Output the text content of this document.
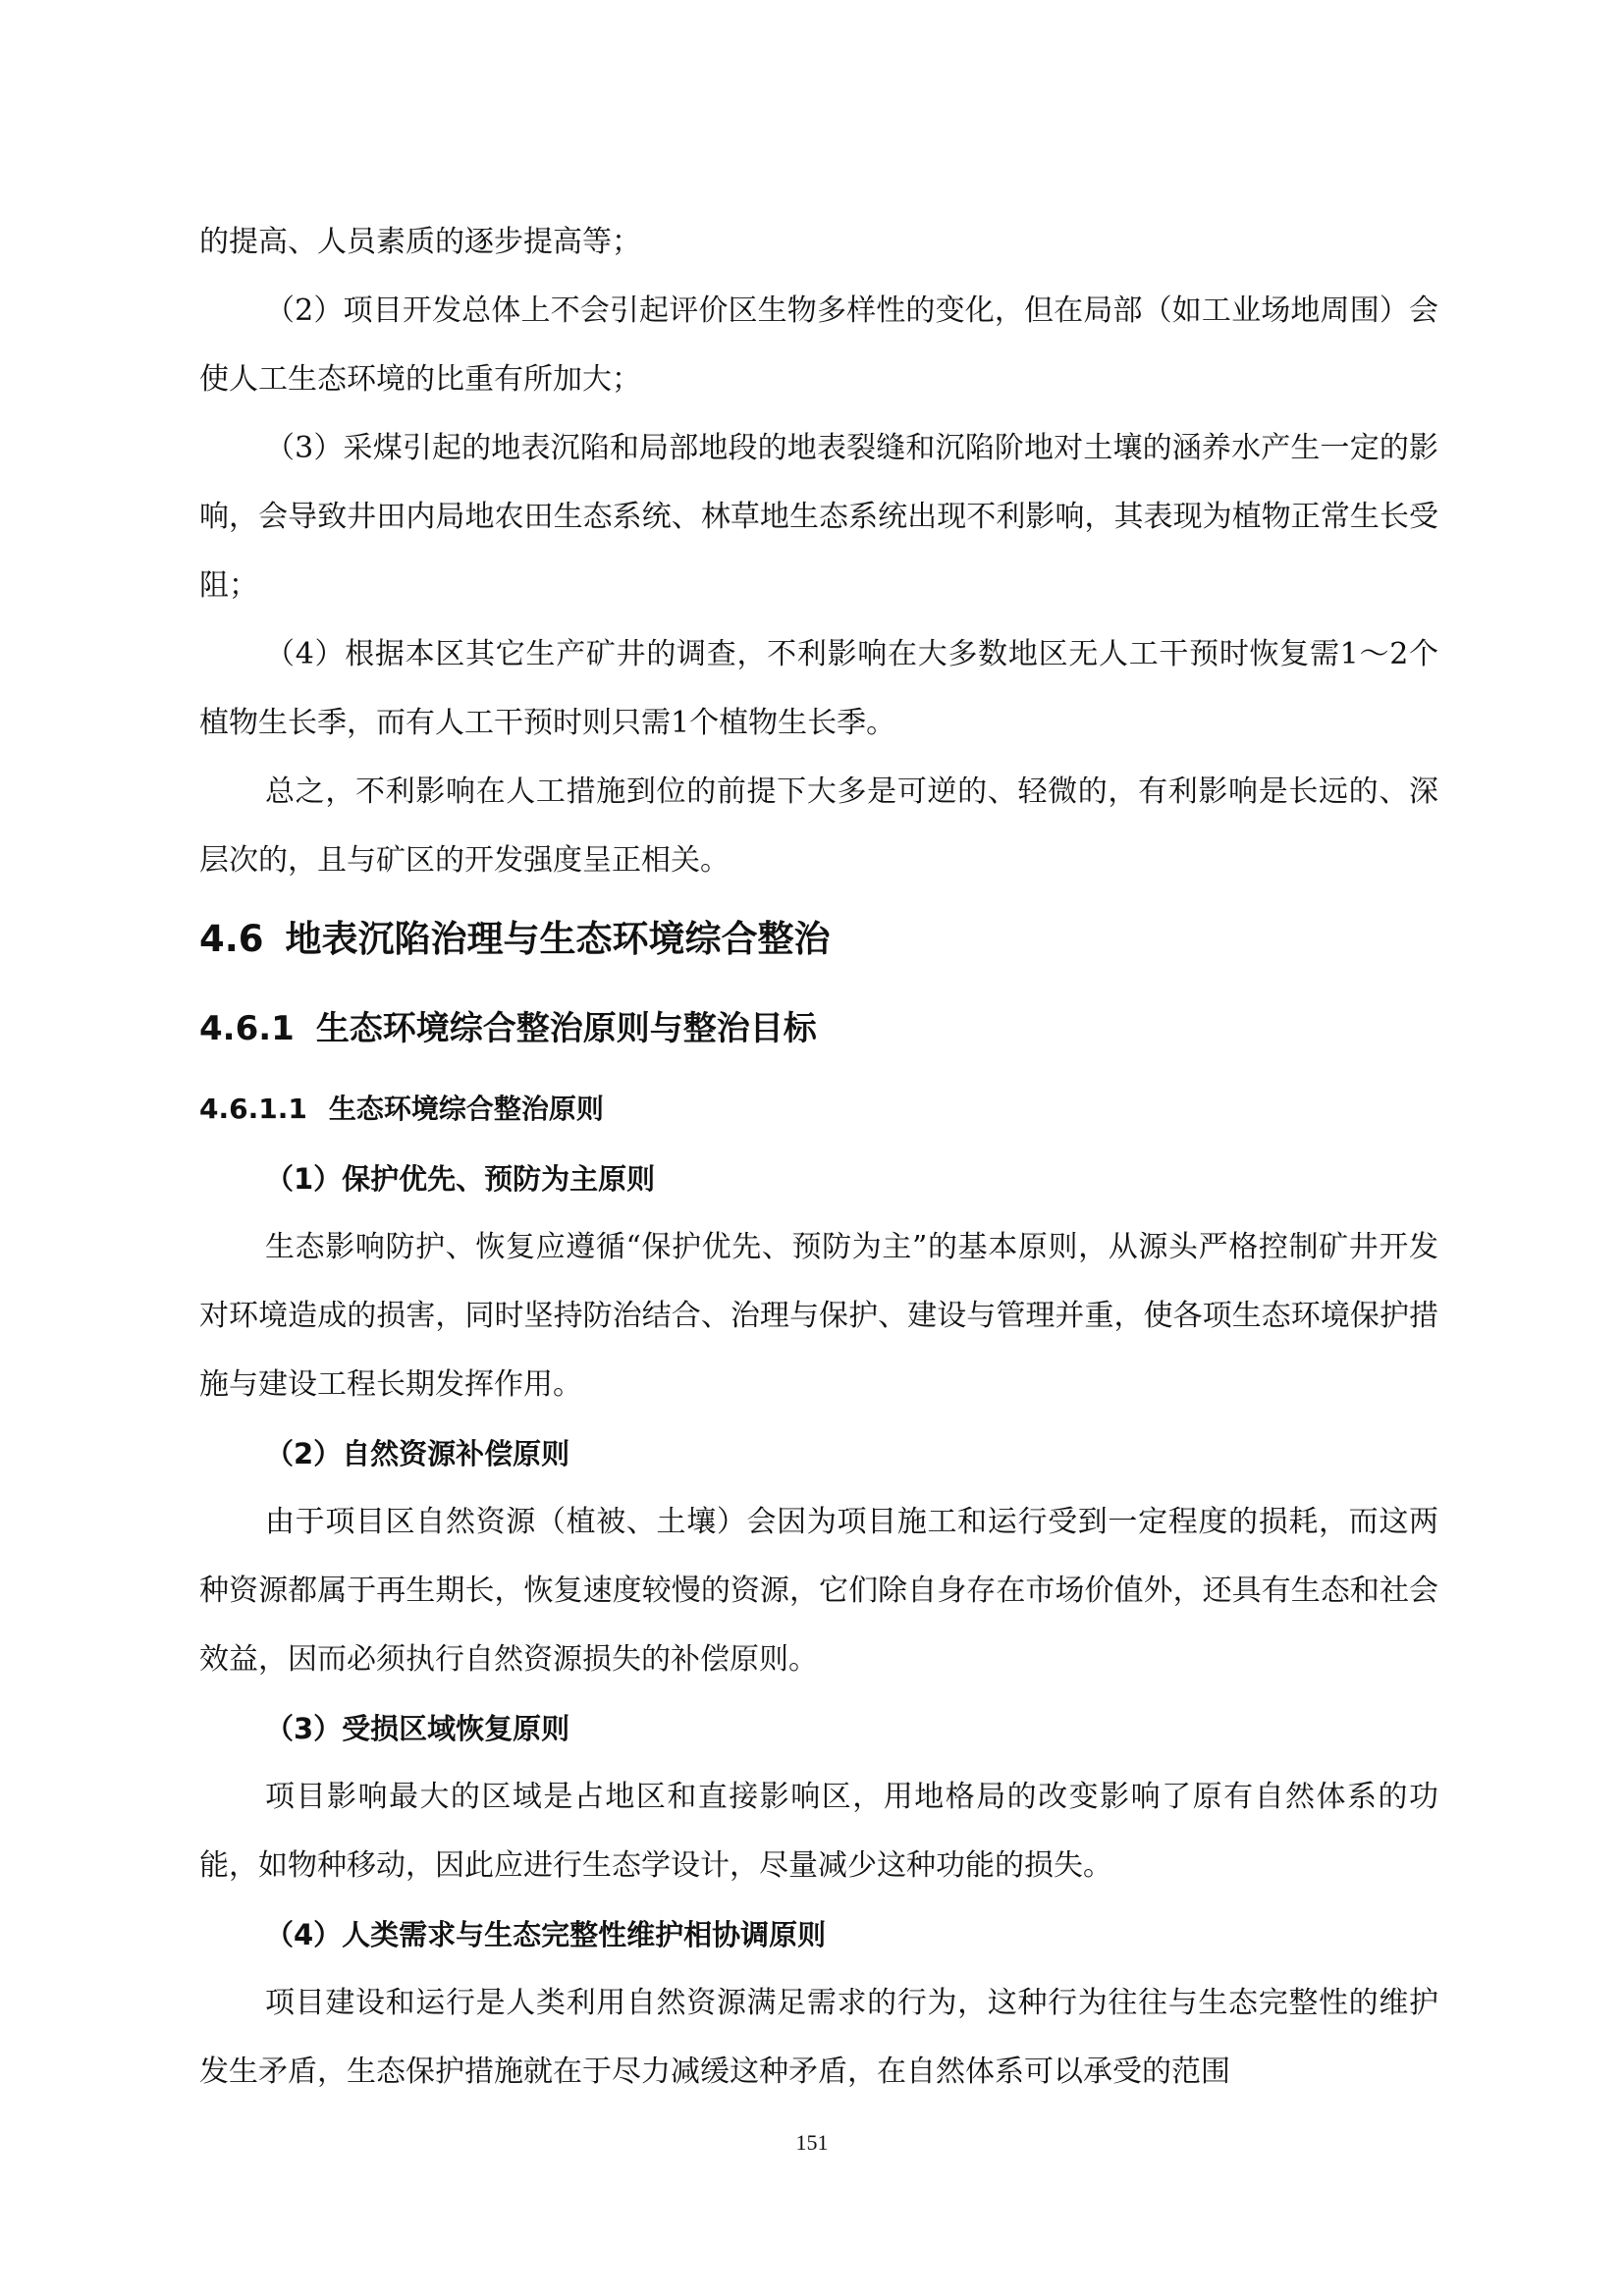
的提高、人员素质的逐步提高等；

（2）项目开发总体上不会引起评价区生物多样性的变化，但在局部（如工业场地周围）会使人工生态环境的比重有所加大；

（3）采煤引起的地表沉陷和局部地段的地表裂缝和沉陷阶地对土壤的涵养水产生一定的影响，会导致井田内局地农田生态系统、林草地生态系统出现不利影响，其表现为植物正常生长受阻；

（4）根据本区其它生产矿井的调查，不利影响在大多数地区无人工干预时恢复需1～2个植物生长季，而有人工干预时则只需1个植物生长季。

总之，不利影响在人工措施到位的前提下大多是可逆的、轻微的，有利影响是长远的、深层次的，且与矿区的开发强度呈正相关。

4.6 地表沉陷治理与生态环境综合整治
4.6.1 生态环境综合整治原则与整治目标
4.6.1.1 生态环境综合整治原则

（1）保护优先、预防为主原则

生态影响防护、恢复应遵循“保护优先、预防为主”的基本原则，从源头严格控制矿井开发对环境造成的损害，同时坚持防治结合、治理与保护、建设与管理并重，使各项生态环境保护措施与建设工程长期发挥作用。

（2）自然资源补偿原则

由于项目区自然资源（植被、土壤）会因为项目施工和运行受到一定程度的损耗，而这两种资源都属于再生期长，恢复速度较慢的资源，它们除自身存在市场价值外，还具有生态和社会效益，因而必须执行自然资源损失的补偿原则。

（3）受损区域恢复原则

项目影响最大的区域是占地区和直接影响区，用地格局的改变影响了原有自然体系的功能，如物种移动，因此应进行生态学设计，尽量减少这种功能的损失。

（4）人类需求与生态完整性维护相协调原则

项目建设和运行是人类利用自然资源满足需求的行为，这种行为往往与生态完整性的维护发生矛盾，生态保护措施就在于尽力减缓这种矛盾，在自然体系可以承受的范围

151
